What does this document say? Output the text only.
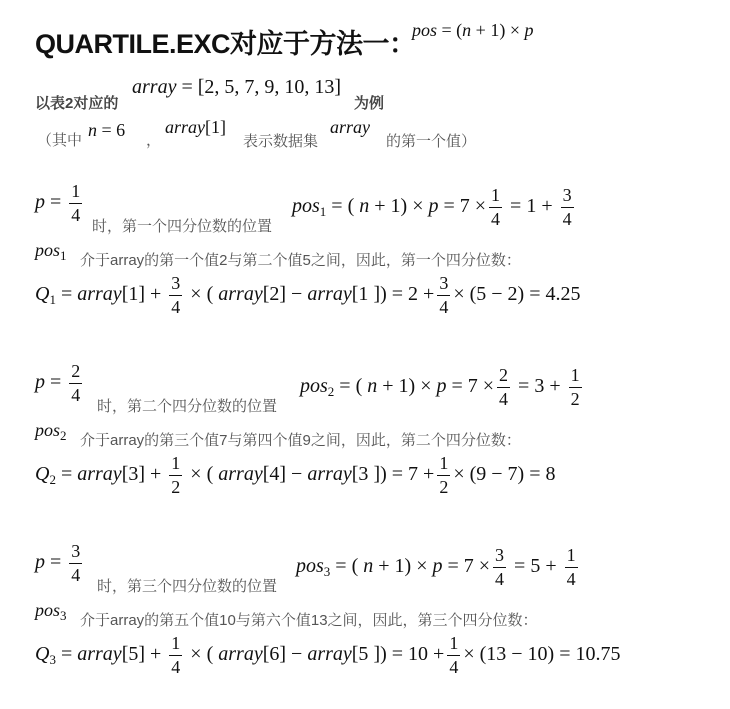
QUARTILE.EXC对应于方法一：
pos = (n + 1) × p
以表2对应的
array = [2, 5, 7, 9, 10, 13]
为例
（其中
n = 6
，
array[1]
表示数据集
array
的第一个值）
$p = \frac{1}{4}$
时，第一个四分位数的位置
pos$_1$ = ( $n + 1) \times p = 7 \times \frac{1}{4} = 1 + \frac{3}{4}$
pos$_1$ 介于array的第一个值2与第二个值5之间，因此，第一个四分位数：
$Q_1$ = array[1] + $\frac{3}{4}$ × ( array[2] − array[1 ]) = $2 + \frac{3}{4} \times (5 - 2) = 4.25$
$p = \frac{2}{4}$
时，第二个四分位数的位置
pos$_2$ = ( $n + 1) \times p = 7 \times \frac{2}{4} = 3 + \frac{1}{2}$
pos$_2$ 介于array的第三个值7与第四个值9之间，因此，第二个四分位数：
$Q_2$ = array[3] + $\frac{1}{2}$ × ( array[4] − array[3 ]) = $7 + \frac{1}{2} \times (9 - 7) = 8$
$p = \frac{3}{4}$
时，第三个四分位数的位置
pos$_3$ = ( $n + 1) \times p = 7 \times \frac{3}{4} = 5 + \frac{1}{4}$
pos$_3$ 介于array的第五个值10与第六个值13之间，因此，第三个四分位数：
$Q_3$ = array[5] + $\frac{1}{4}$ × ( array[6] − array[5 ]) = $10 + \frac{1}{4} \times (13 - 10) = 10.75$
